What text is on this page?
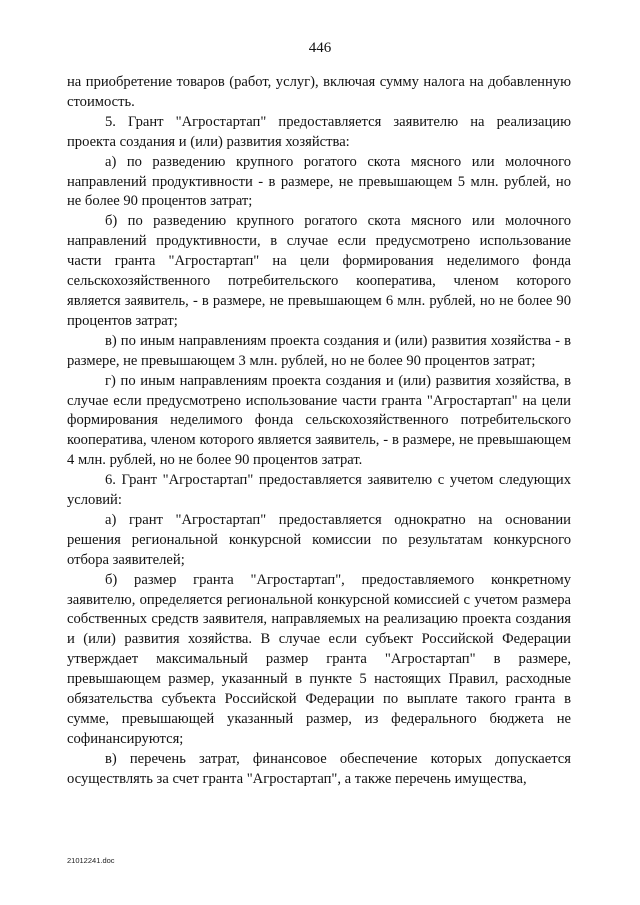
446

на приобретение товаров (работ, услуг), включая сумму налога на добавленную стоимость.

5. Грант "Агростартап" предоставляется заявителю на реализацию проекта создания и (или) развития хозяйства:

а) по разведению крупного рогатого скота мясного или молочного направлений продуктивности - в размере, не превышающем 5 млн. рублей, но не более 90 процентов затрат;

б) по разведению крупного рогатого скота мясного или молочного направлений продуктивности, в случае если предусмотрено использование части гранта "Агростартап" на цели формирования неделимого фонда сельскохозяйственного потребительского кооператива, членом которого является заявитель, - в размере, не превышающем 6 млн. рублей, но не более 90 процентов затрат;

в) по иным направлениям проекта создания и (или) развития хозяйства - в размере, не превышающем 3 млн. рублей, но не более 90 процентов затрат;

г) по иным направлениям проекта создания и (или) развития хозяйства, в случае если предусмотрено использование части гранта "Агростартап" на цели формирования неделимого фонда сельскохозяйственного потребительского кооператива, членом которого является заявитель, - в размере, не превышающем 4 млн. рублей, но не более 90 процентов затрат.

6. Грант "Агростартап" предоставляется заявителю с учетом следующих условий:

а) грант "Агростартап" предоставляется однократно на основании решения региональной конкурсной комиссии по результатам конкурсного отбора заявителей;

б) размер гранта "Агростартап", предоставляемого конкретному заявителю, определяется региональной конкурсной комиссией с учетом размера собственных средств заявителя, направляемых на реализацию проекта создания и (или) развития хозяйства. В случае если субъект Российской Федерации утверждает максимальный размер гранта "Агростартап" в размере, превышающем размер, указанный в пункте 5 настоящих Правил, расходные обязательства субъекта Российской Федерации по выплате такого гранта в сумме, превышающей указанный размер, из федерального бюджета не софинансируются;

в) перечень затрат, финансовое обеспечение которых допускается осуществлять за счет гранта "Агростартап", а также перечень имущества,

21012241.doc
